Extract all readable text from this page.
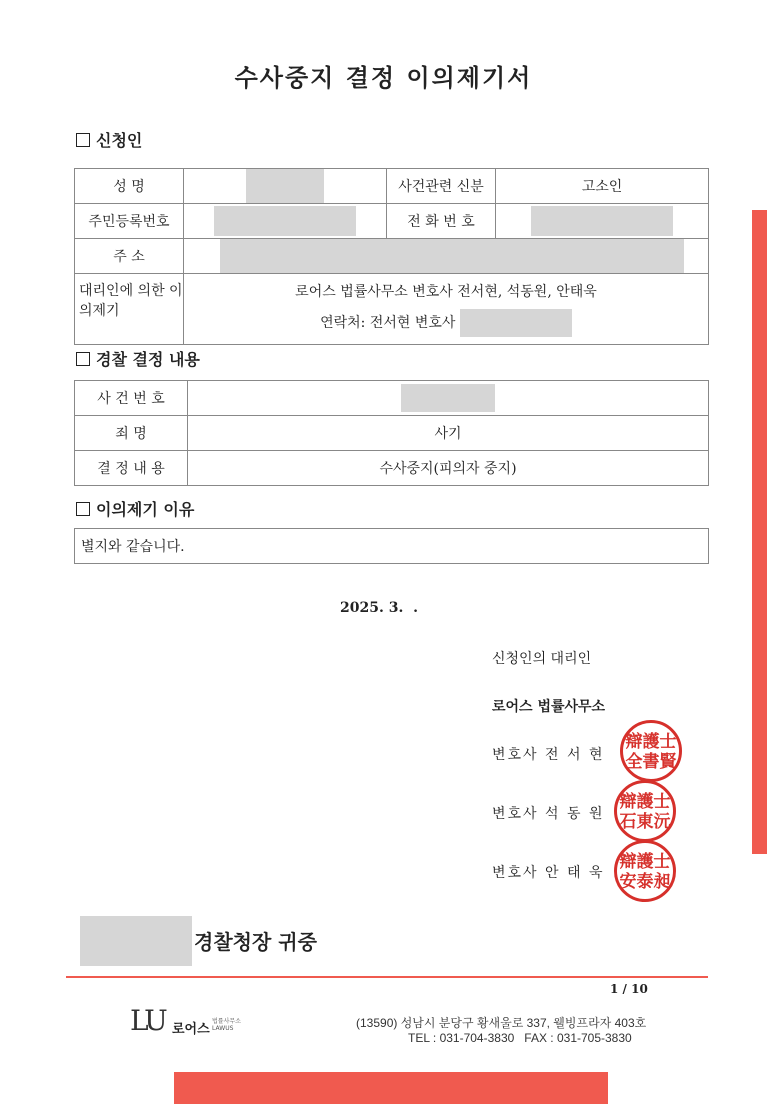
수사중지 결정 이의제기서
신청인
성 명		사건관련 신분	고소인
주민등록번호		전 화 번 호	
주 소			
대리인에 의한 이의제기	로어스 법률사무소 변호사 전서현, 석동원, 안태욱
연락처: 전서현 변호사		
경찰 결정 내용
사 건 번 호	
죄 명	사기
결 정 내 용	수사중지(피의자 중지)
이의제기 이유
별지와 같습니다.
2025. 3.  .
신청인의 대리인
로어스 법률사무소
변호사 전 서 현
변호사 석 동 원
변호사 안 태 욱
辯護士全書賢
辯護士石東沅
辯護士安泰昶
경찰청장 귀중
1 / 10
LU 로어스
법률사무소
LAWUS	(13590) 성남시 분당구 황새울로 337, 웰빙프라자 403호
TEL : 031-704-3830   FAX : 031-705-3830
